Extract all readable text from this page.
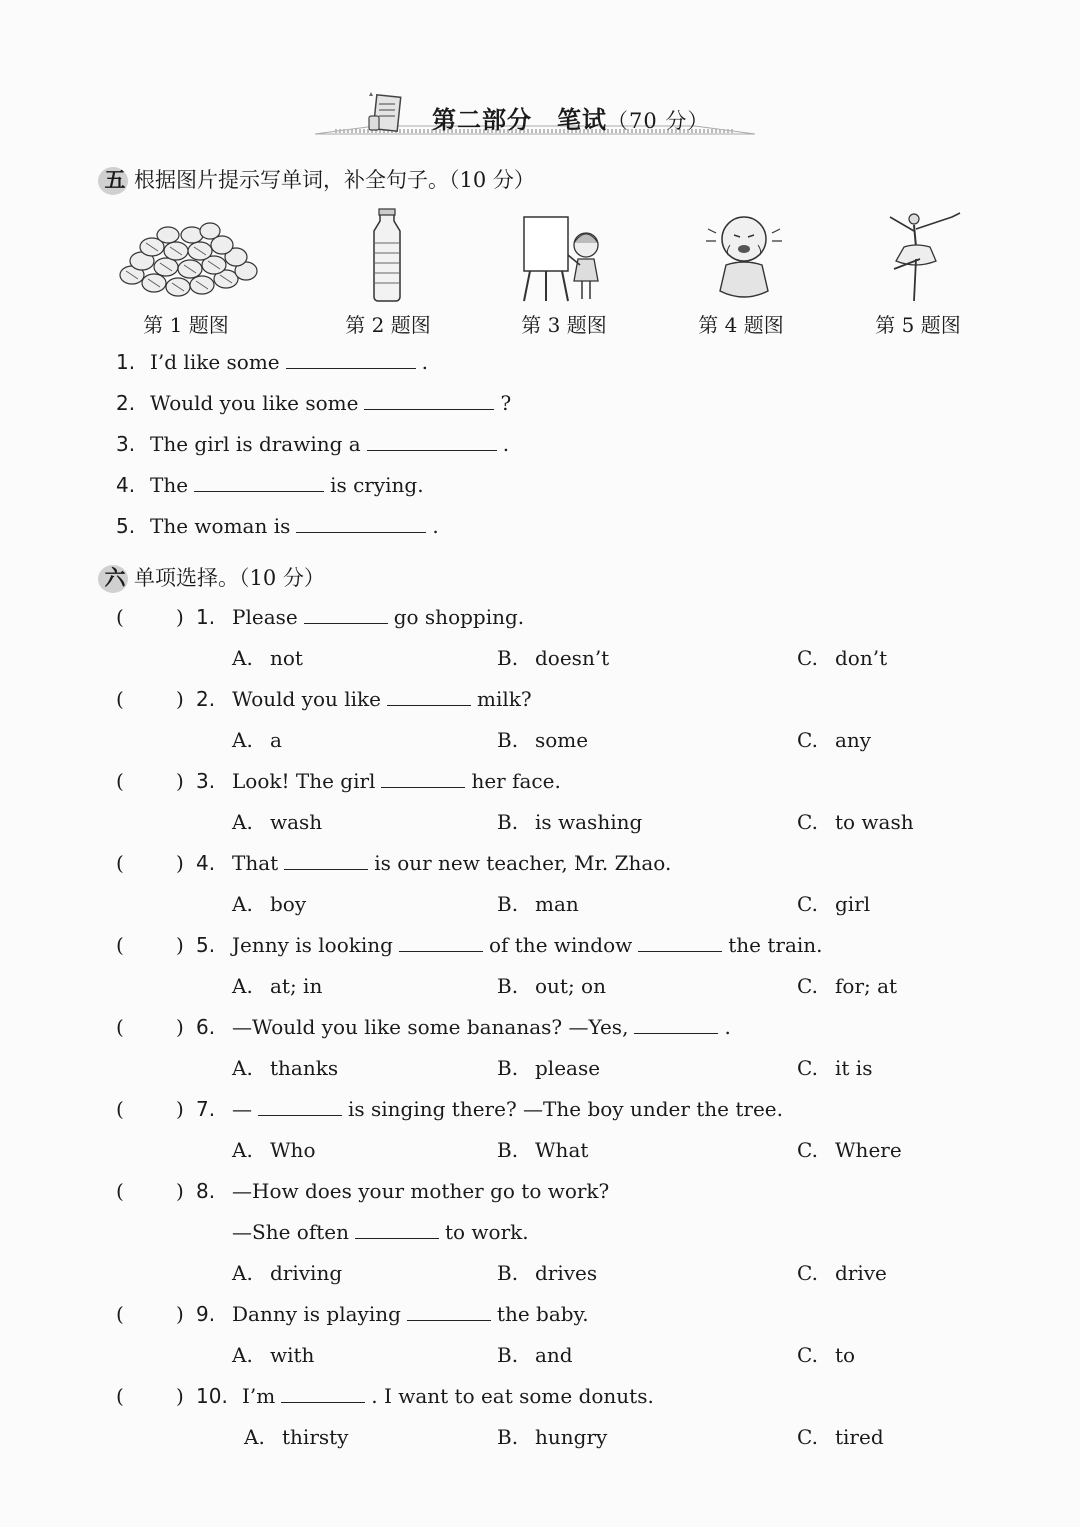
第二部分　笔试（70 分）
五 根据图片提示写单词，补全句子。（10 分）
第 1 题图	第 2 题图	第 3 题图	第 4 题图	第 5 题图
1. I’d like some	.
2. Would you like some	?
3. The girl is drawing a	.
4. The	is crying.
5. The woman is	.
六 单项选择。（10 分）
(	) 1. Please	go shopping.
A. not	B. doesn’t	C. don’t
(	) 2. Would you like	milk?
A. a	B. some	C. any
(	) 3. Look! The girl	her face.
A. wash	B. is washing	C. to wash
(	) 4. That	is our new teacher, Mr. Zhao.
A. boy	B. man	C. girl
(	) 5. Jenny is looking	of the window	the train.
A. at; in	B. out; on	C. for; at
(	) 6. —Would you like some bananas? —Yes,	.
A. thanks	B. please	C. it is
(	) 7. —	is singing there? —The boy under the tree.
A. Who	B. What	C. Where
(	) 8. —How does your mother go to work?
—She often	to work.
A. driving	B. drives	C. drive
(	) 9. Danny is playing	the baby.
A. with	B. and	C. to
(	) 10. I’m	. I want to eat some donuts.
A. thirsty	B. hungry	C. tired
